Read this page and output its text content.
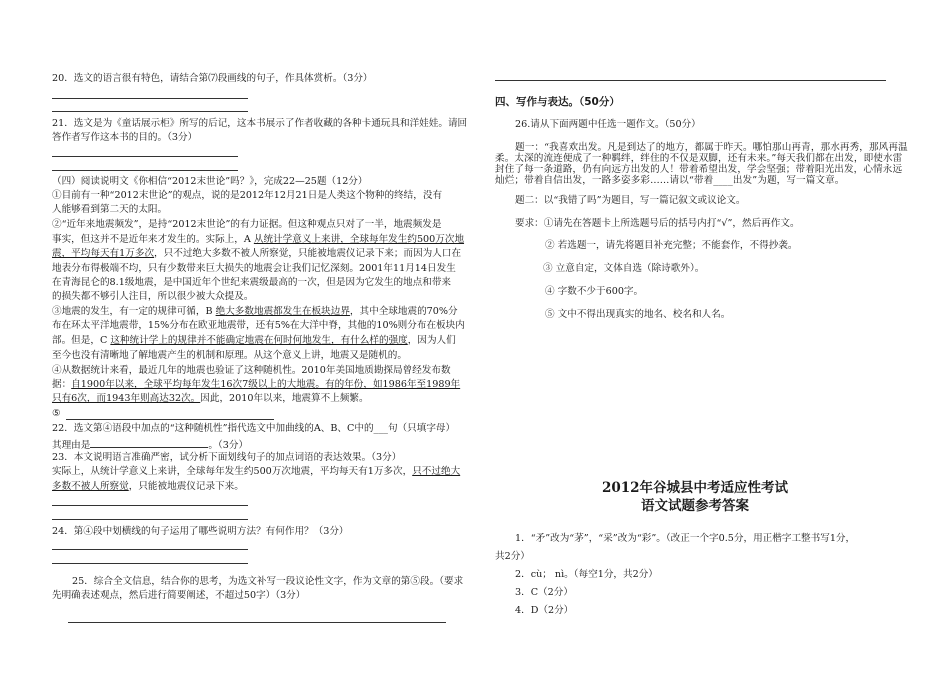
20．选文的语言很有特色，请结合第⑺段画线的句子，作具体赏析。（3分）
21．选文是为《童话展示柜》所写的后记，这本书展示了作者收藏的各种卡通玩具和洋娃娃。请回
答作者写作这本书的目的。（3分）
（四）阅读说明文《你相信“2012末世论”吗？》，完成22—25题（12分）
①目前有一种“2012末世论”的观点，说的是2012年12月21日是人类这个物种的终结，没有
人能够看到第二天的太阳。
②“近年来地震频发”，是持“2012末世论”的有力证据。但这种观点只对了一半，地震频发是
事实，但这并不是近年来才发生的。实际上，A 从统计学意义上来讲，全球每年发生约500万次地
震，平均每天有1万多次，只不过绝大多数不被人所察觉，只能被地震仪记录下来；而因为人口在
地表分布得极端不均，只有少数带来巨大损失的地震会让我们记忆深刻。2001年11月14日发生
在青海昆仑的8.1级地震，是中国近年个世纪来震级最高的一次，但是因为它发生的地点和带来
的损失都不够引人注目，所以很少被大众提及。
③地震的发生，有一定的规律可循，B 绝大多数地震都发生在板块边界，其中全球地震的70%分
布在环太平洋地震带，15%分布在欧亚地震带，还有5%在大洋中脊，其他的10%则分布在板块内
部。但是，C 这种统计学上的规律并不能确定地震在何时何地发生，有什么样的强度，因为人们
至今也没有清晰地了解地震产生的机制和原理。从这个意义上讲，地震又是随机的。
④从数据统计来看，最近几年的地震也验证了这种随机性。2010年美国地质勘探局曾经发布数
据：自1900年以来，全球平均每年发生16次7级以上的大地震。有的年份，如1986年至1989年
只有6次，而1943年则高达32次。因此，2010年以来，地震算不上频繁。
⑤
22．选文第④语段中加点的“这种随机性”指代选文中加曲线的A、B、C中的___句（只填字母）
其理由是	。（3分）
23．本文说明语言准确严密，试分析下面划线句子的加点词语的表达效果。（3分）
实际上，从统计学意义上来讲，全球每年发生约500万次地震，平均每天有1万多次，只不过绝大
多数不被人所察觉，只能被地震仪记录下来。
24．第④段中划横线的句子运用了哪些说明方法？有何作用？（3分）
25．综合全文信息，结合你的思考，为选文补写一段议论性文字，作为文章的第⑤段。（要求
先明确表述观点，然后进行简要阐述，不超过50字）（3分）
四、写作与表达。（50分）
26.请从下面两题中任选一题作文。（50分）
题一：“我喜欢出发。凡是到达了的地方，都属于昨天。哪怕那山再青，那水再秀，那风再温
柔。太深的流连便成了一种羁绊，绊住的不仅是双脚，还有未来。”每天我们都在出发，即使水雷
封住了每一条道路，仍有向远方出发的人！带着希望出发，学会坚强；带着阳光出发，心情永远
灿烂；带着自信出发，一路多姿多彩……请以“带着____出发”为题，写一篇文章。
题二：以“我错了吗”为题目，写一篇记叙文或议论文。
要求：①请先在答题卡上所选题号后的括号内打“√”，然后再作文。
② 若选题一，请先将题目补充完整；不能套作，不得抄袭。
③ 立意自定，文体自选（除诗歌外）。
④ 字数不少于600字。
⑤ 文中不得出现真实的地名、校名和人名。
2012年谷城县中考适应性考试
语文试题参考答案
1．“矛”改为“茅”，“采”改为“彩”。（改正一个字0.5分，用正楷字工整书写1分，
共2分）
2．cù； nì。（每空1分，共2分）
3．C（2分）
4．D（2分）
